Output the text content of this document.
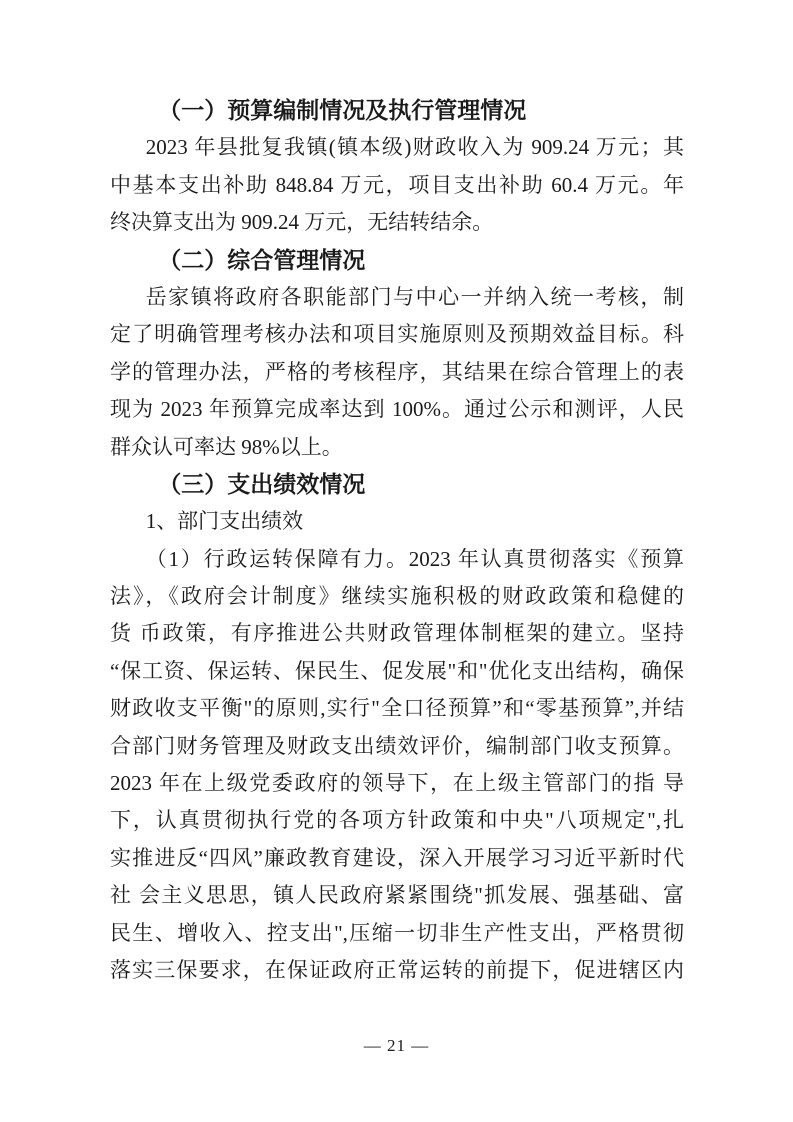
（一）预算编制情况及执行管理情况
2023 年县批复我镇(镇本级)财政收入为 909.24 万元；其
中基本支出补助 848.84 万元，项目支出补助 60.4 万元。年
终决算支出为 909.24 万元，无结转结余。
（二）综合管理情况
岳家镇将政府各职能部门与中心一并纳入统一考核，制
定了明确管理考核办法和项目实施原则及预期效益目标。科
学的管理办法，严格的考核程序，其结果在综合管理上的表
现为 2023 年预算完成率达到 100%。通过公示和测评，人民
群众认可率达 98%以上。
（三）支出绩效情况
1、部门支出绩效
（1）行政运转保障有力。2023 年认真贯彻落实《预算
法》，《政府会计制度》继续实施积极的财政政策和稳健的
货 币政策，有序推进公共财政管理体制框架的建立。坚持
“保工资、保运转、保民生、促发展"和"优化支出结构，确保
财政收支平衡"的原则,实行"全口径预算”和“零基预算”,并结
合部门财务管理及财政支出绩效评价，编制部门收支预算。
2023 年在上级党委政府的领导下，在上级主管部门的指 导
下，认真贯彻执行党的各项方针政策和中央"八项规定",扎
实推进反“四风”廉政教育建设，深入开展学习习近平新时代
社 会主义思思，镇人民政府紧紧围绕"抓发展、强基础、富
民生、增收入、控支出",压缩一切非生产性支出，严格贯彻
落实三保要求，在保证政府正常运转的前提下，促进辖区内
— 21 —
